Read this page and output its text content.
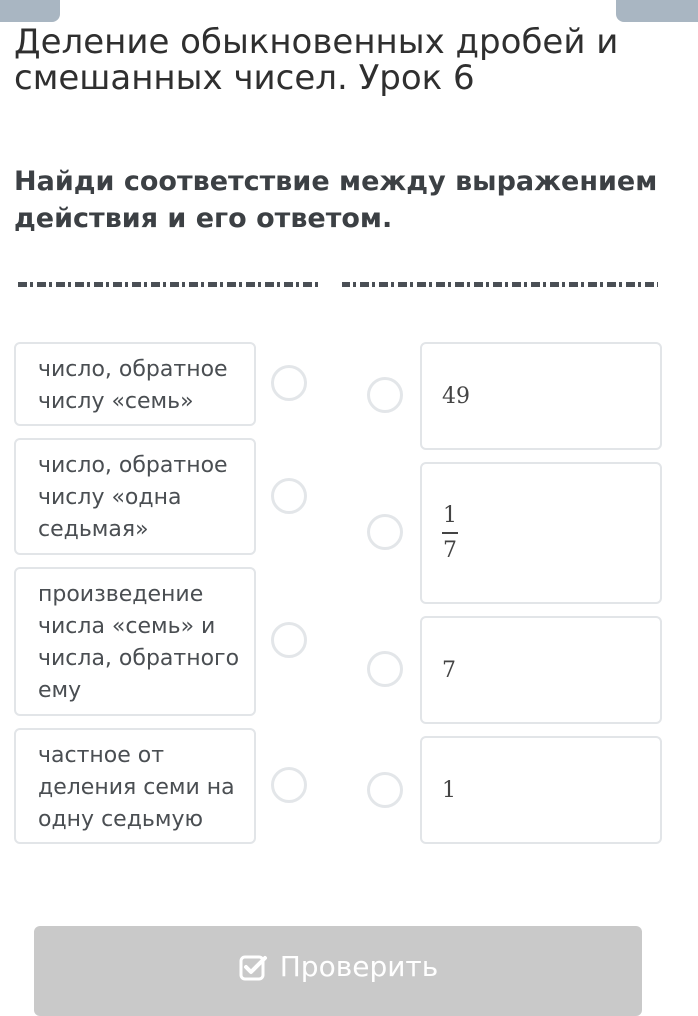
Деление обыкновенных дробей и смешанных чисел. Урок 6
Найди соответствие между выражением действия и его ответом.
число, обратное числу «семь»
число, обратное числу «одна седьмая»
произведение числа «семь» и числа, обратного ему
частное от деления семи на одну седьмую
49
$\frac{1}{7}$
7
1
Проверить
